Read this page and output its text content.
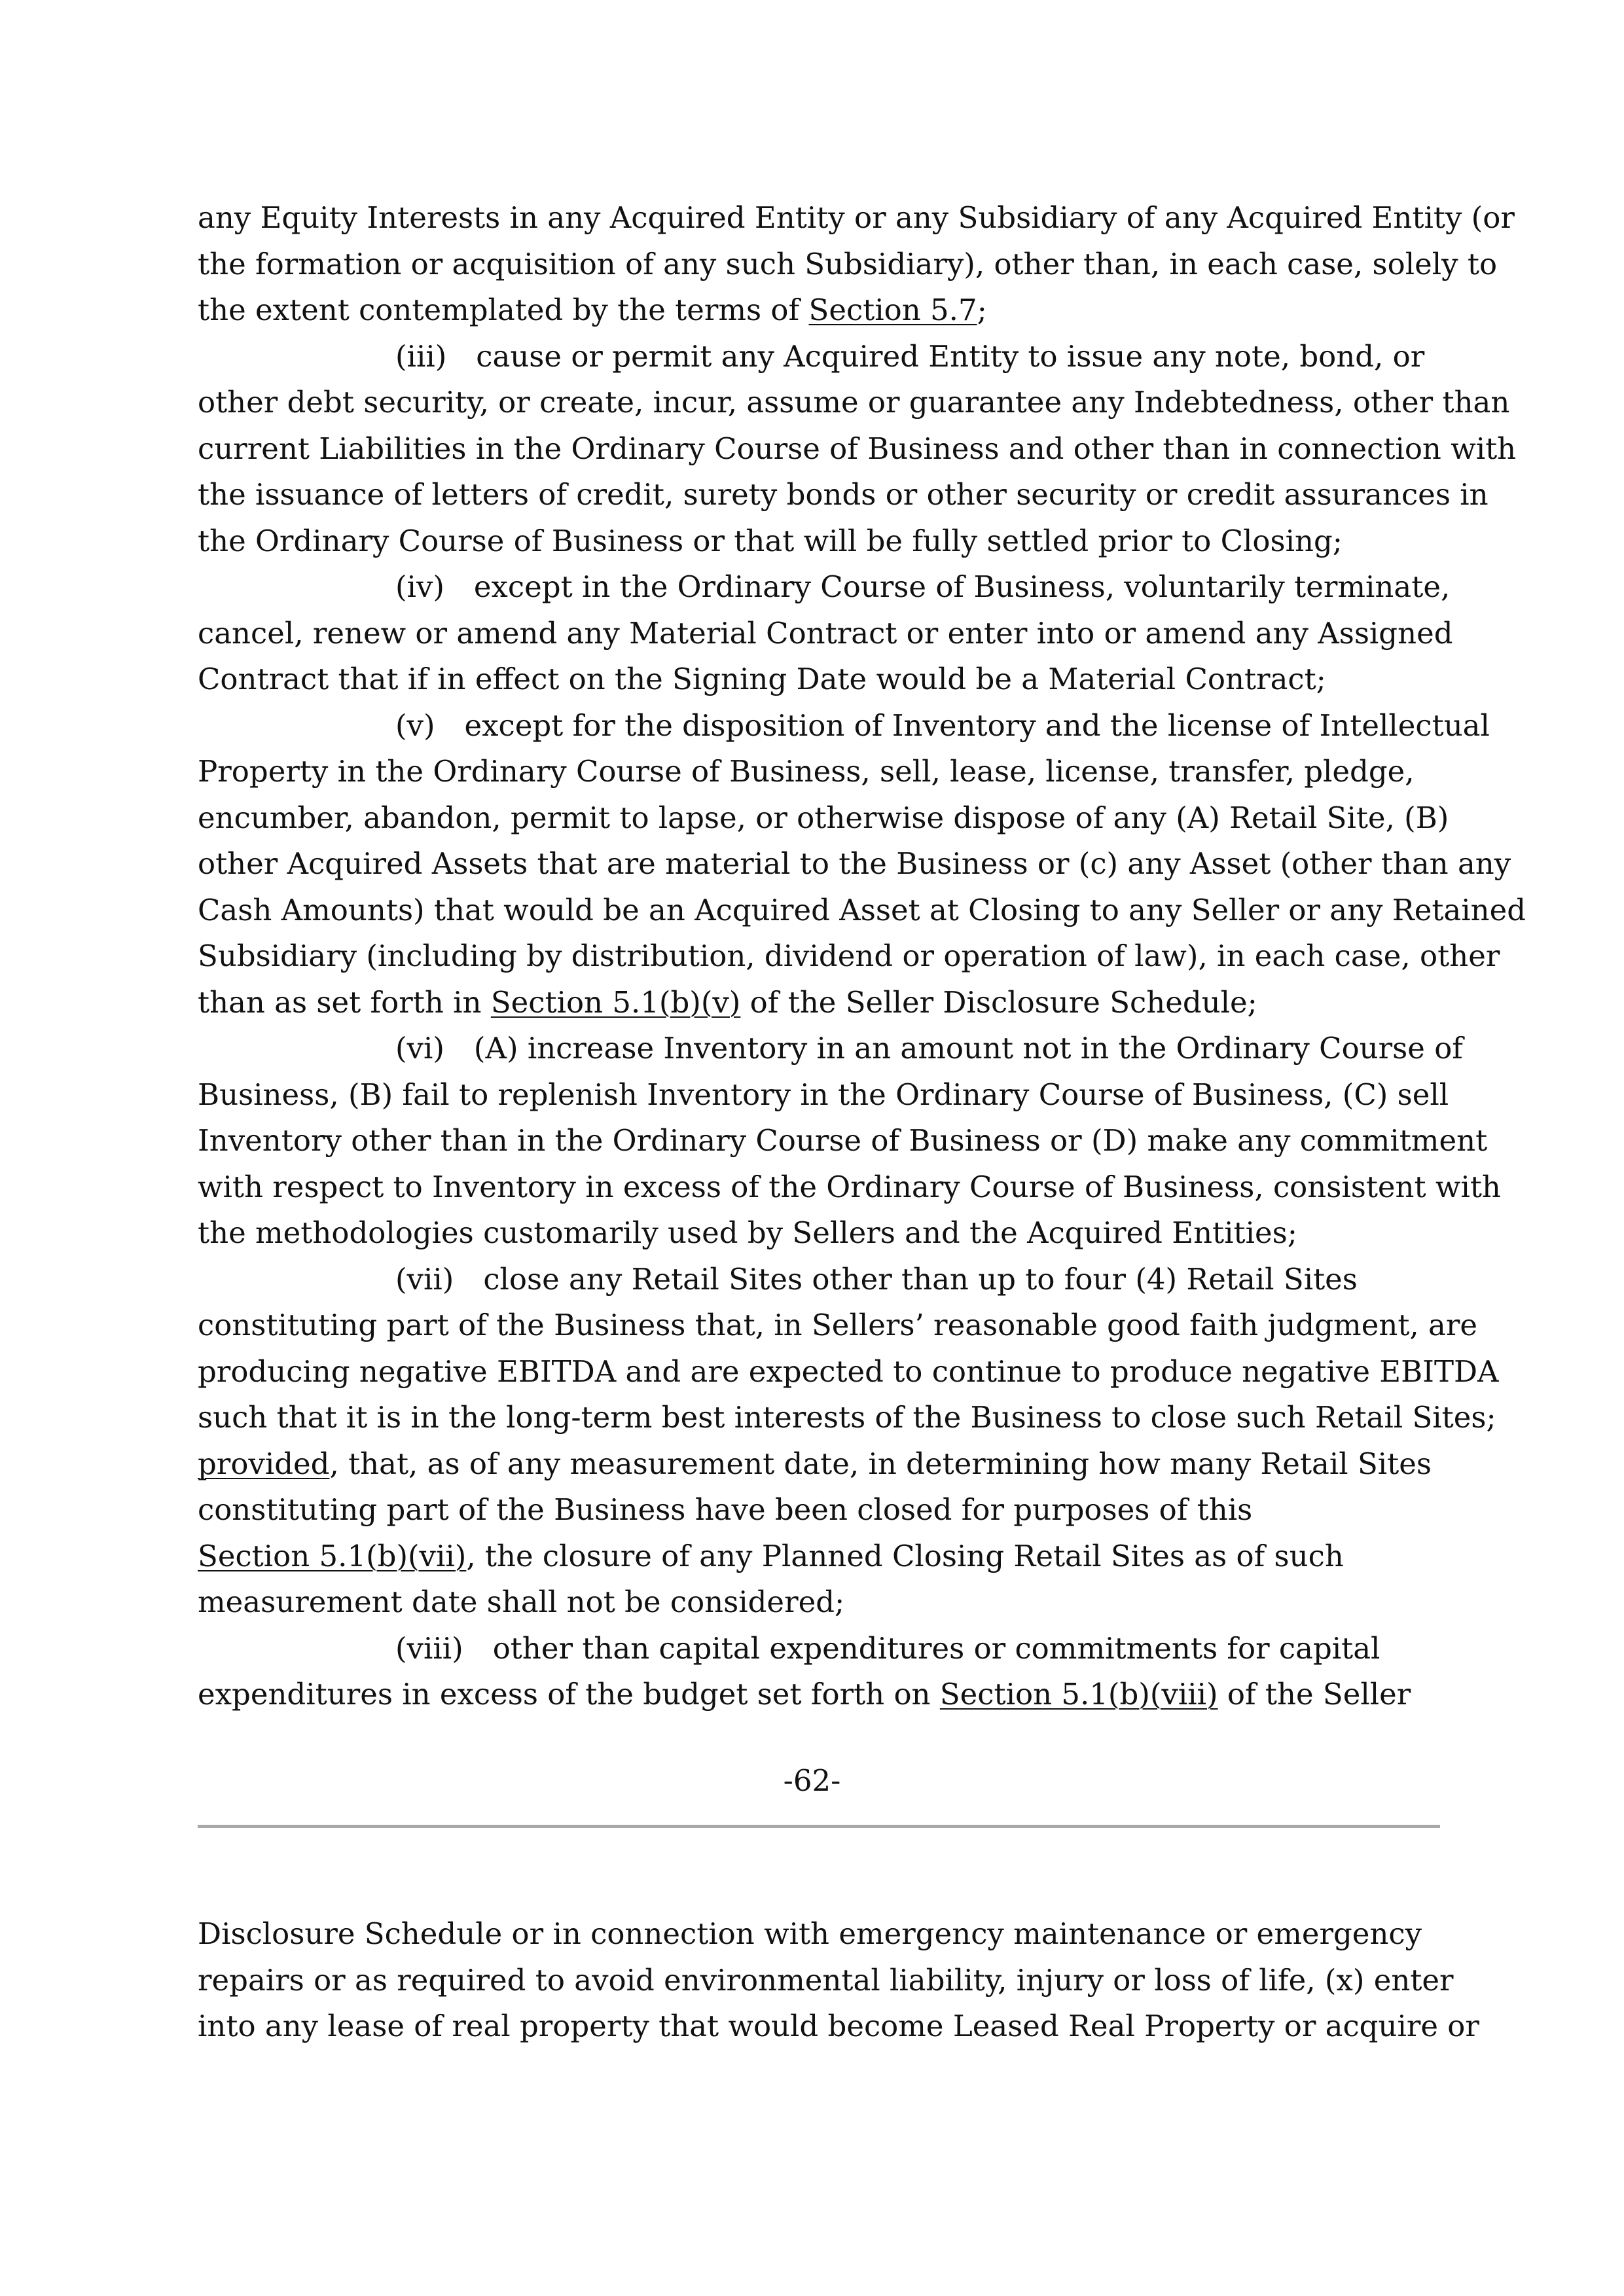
any Equity Interests in any Acquired Entity or any Subsidiary of any Acquired Entity (or
the formation or acquisition of any such Subsidiary), other than, in each case, solely to
the extent contemplated by the terms of Section 5.7;
(iii) cause or permit any Acquired Entity to issue any note, bond, or
other debt security, or create, incur, assume or guarantee any Indebtedness, other than
current Liabilities in the Ordinary Course of Business and other than in connection with
the issuance of letters of credit, surety bonds or other security or credit assurances in
the Ordinary Course of Business or that will be fully settled prior to Closing;
(iv) except in the Ordinary Course of Business, voluntarily terminate,
cancel, renew or amend any Material Contract or enter into or amend any Assigned
Contract that if in effect on the Signing Date would be a Material Contract;
(v) except for the disposition of Inventory and the license of Intellectual
Property in the Ordinary Course of Business, sell, lease, license, transfer, pledge,
encumber, abandon, permit to lapse, or otherwise dispose of any (A) Retail Site, (B)
other Acquired Assets that are material to the Business or (c) any Asset (other than any
Cash Amounts) that would be an Acquired Asset at Closing to any Seller or any Retained
Subsidiary (including by distribution, dividend or operation of law), in each case, other
than as set forth in Section 5.1(b)(v) of the Seller Disclosure Schedule;
(vi) (A) increase Inventory in an amount not in the Ordinary Course of
Business, (B) fail to replenish Inventory in the Ordinary Course of Business, (C) sell
Inventory other than in the Ordinary Course of Business or (D) make any commitment
with respect to Inventory in excess of the Ordinary Course of Business, consistent with
the methodologies customarily used by Sellers and the Acquired Entities;
(vii) close any Retail Sites other than up to four (4) Retail Sites
constituting part of the Business that, in Sellers’ reasonable good faith judgment, are
producing negative EBITDA and are expected to continue to produce negative EBITDA
such that it is in the long-term best interests of the Business to close such Retail Sites;
provided, that, as of any measurement date, in determining how many Retail Sites
constituting part of the Business have been closed for purposes of this
Section 5.1(b)(vii), the closure of any Planned Closing Retail Sites as of such
measurement date shall not be considered;
(viii) other than capital expenditures or commitments for capital
expenditures in excess of the budget set forth on Section 5.1(b)(viii) of the Seller
-62-
Disclosure Schedule or in connection with emergency maintenance or emergency
repairs or as required to avoid environmental liability, injury or loss of life, (x) enter
into any lease of real property that would become Leased Real Property or acquire or
